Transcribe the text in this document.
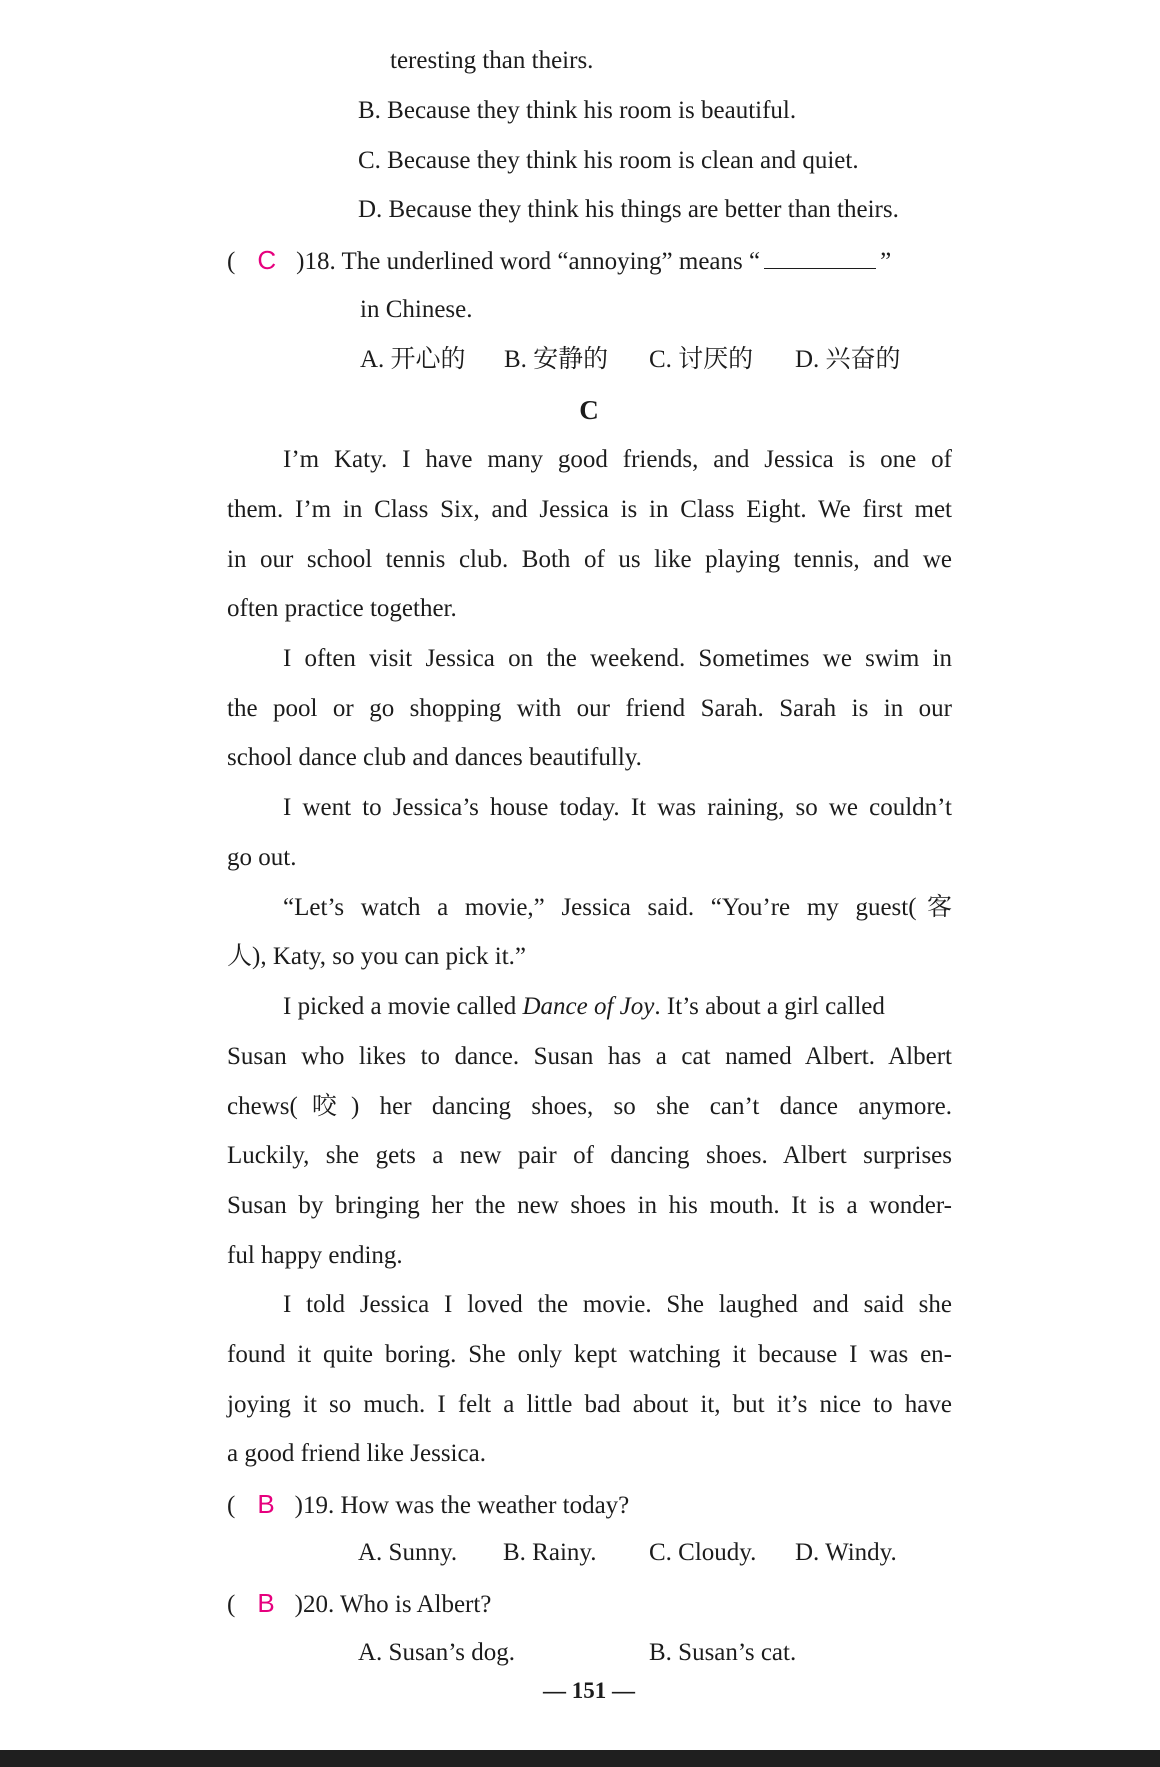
teresting than theirs.
B. Because they think his room is beautiful.
C. Because they think his room is clean and quiet.
D. Because they think his things are better than theirs.
( C )18. The underlined word “annoying” means “	”
in Chinese.
A. 开心的 B. 安静的 C. 讨厌的 D. 兴奋的
C
I’m Katy. I have many good friends, and Jessica is one of
them. I’m in Class Six, and Jessica is in Class Eight. We first met
in our school tennis club. Both of us like playing tennis, and we
often practice together.
I often visit Jessica on the weekend. Sometimes we swim in
the pool or go shopping with our friend Sarah. Sarah is in our
school dance club and dances beautifully.
I went to Jessica’s house today. It was raining, so we couldn’t
go out.
“Let’s watch a movie,” Jessica said. “You’re my guest(客
人), Katy, so you can pick it.”
I picked a movie called Dance of Joy. It’s about a girl called
Susan who likes to dance. Susan has a cat named Albert. Albert
chews(咬) her dancing shoes, so she can’t dance anymore.
Luckily, she gets a new pair of dancing shoes. Albert surprises
Susan by bringing her the new shoes in his mouth. It is a wonder-
ful happy ending.
I told Jessica I loved the movie. She laughed and said she
found it quite boring. She only kept watching it because I was en-
joying it so much. I felt a little bad about it, but it’s nice to have
a good friend like Jessica.
( B )19. How was the weather today?
A. Sunny. B. Rainy. C. Cloudy. D. Windy.
( B )20. Who is Albert?
A. Susan’s dog.	B. Susan’s cat.
— 151 —
